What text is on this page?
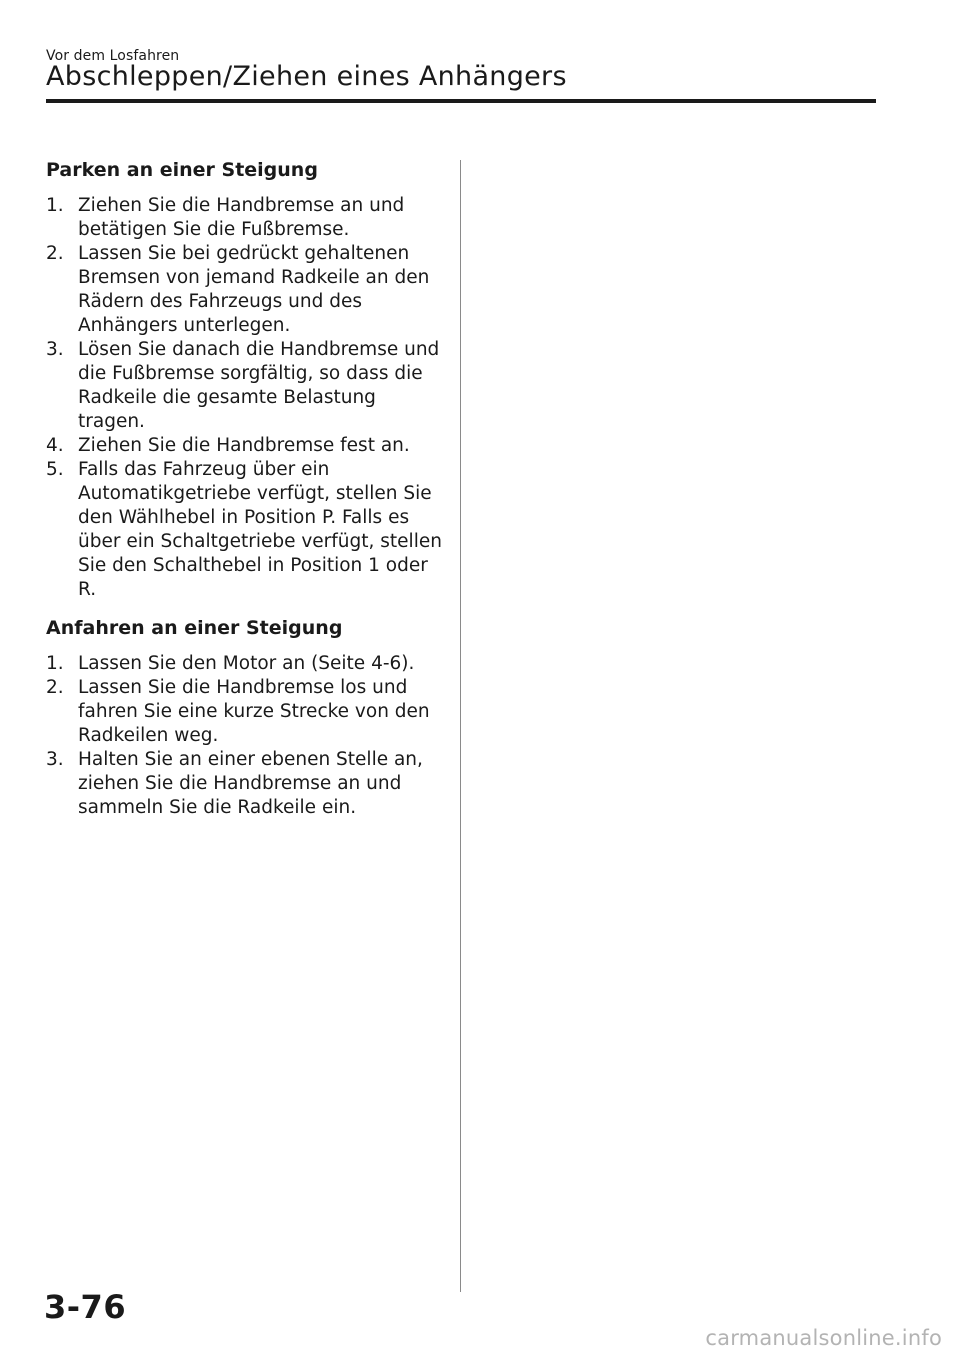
Vor dem Losfahren
Abschleppen/Ziehen eines Anhängers
Parken an einer Steigung
1. Ziehen Sie die Handbremse an und betätigen Sie die Fußbremse.
2. Lassen Sie bei gedrückt gehaltenen Bremsen von jemand Radkeile an den Rädern des Fahrzeugs und des Anhängers unterlegen.
3. Lösen Sie danach die Handbremse und die Fußbremse sorgfältig, so dass die Radkeile die gesamte Belastung tragen.
4. Ziehen Sie die Handbremse fest an.
5. Falls das Fahrzeug über ein Automatikgetriebe verfügt, stellen Sie den Wählhebel in Position P. Falls es über ein Schaltgetriebe verfügt, stellen Sie den Schalthebel in Position 1 oder R.
Anfahren an einer Steigung
1. Lassen Sie den Motor an (Seite 4-6).
2. Lassen Sie die Handbremse los und fahren Sie eine kurze Strecke von den Radkeilen weg.
3. Halten Sie an einer ebenen Stelle an, ziehen Sie die Handbremse an und sammeln Sie die Radkeile ein.
3-76
carmanualsonline.info
